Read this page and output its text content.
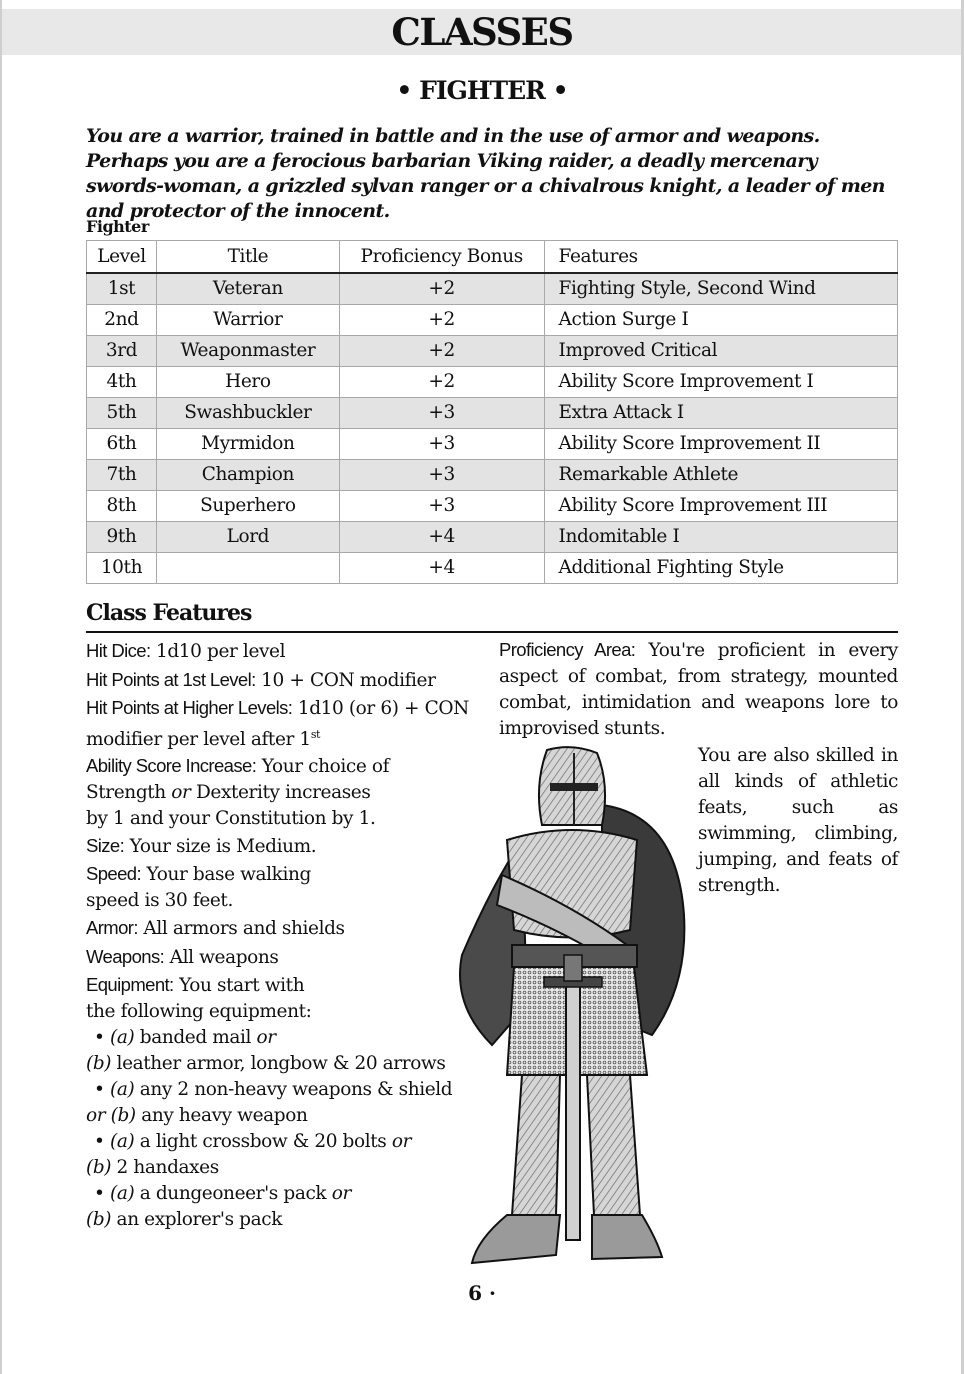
CLASSES
• FIGHTER •

You are a warrior, trained in battle and in the use of armor and weapons. Perhaps you are a ferocious barbarian Viking raider, a deadly mercenary swords-woman, a grizzled sylvan ranger or a chivalrous knight, a leader of men and protector of the innocent.

Fighter
Level	Title	Proficiency Bonus	Features
1st	Veteran	+2	Fighting Style, Second Wind
2nd	Warrior	+2	Action Surge I
3rd	Weaponmaster	+2	Improved Critical
4th	Hero	+2	Ability Score Improvement I
5th	Swashbuckler	+3	Extra Attack I
6th	Myrmidon	+3	Ability Score Improvement II
7th	Champion	+3	Remarkable Athlete
8th	Superhero	+3	Ability Score Improvement III
9th	Lord	+4	Indomitable I
10th		+4	Additional Fighting Style
Class Features

Hit Dice: 1d10 per level

Hit Points at 1st Level: 10 + CON modifier

Hit Points at Higher Levels: 1d10 (or 6) + CON modifier per level after 1st

Ability Score Increase: Your choice of
Strength or Dexterity increases
by 1 and your Constitution by 1.

Size: Your size is Medium.

Speed: Your base walking
speed is 30 feet.

Armor: All armors and shields

Weapons: All weapons

Equipment: You start with
the following equipment:

• (a) banded mail or
(b) leather armor, longbow & 20 arrows

• (a) any 2 non-heavy weapons & shield
or (b) any heavy weapon

• (a) a light crossbow & 20 bolts or
(b) 2 handaxes

• (a) a dungeoneer's pack or
(b) an explorer's pack

Proficiency Area: You're proficient in every aspect of combat, from strategy, mounted combat, intimidation and weapons lore to improvised stunts.

You are also skilled in all kinds of athletic feats, such as swimming, climbing, jumping, and feats of strength.

6 ·
